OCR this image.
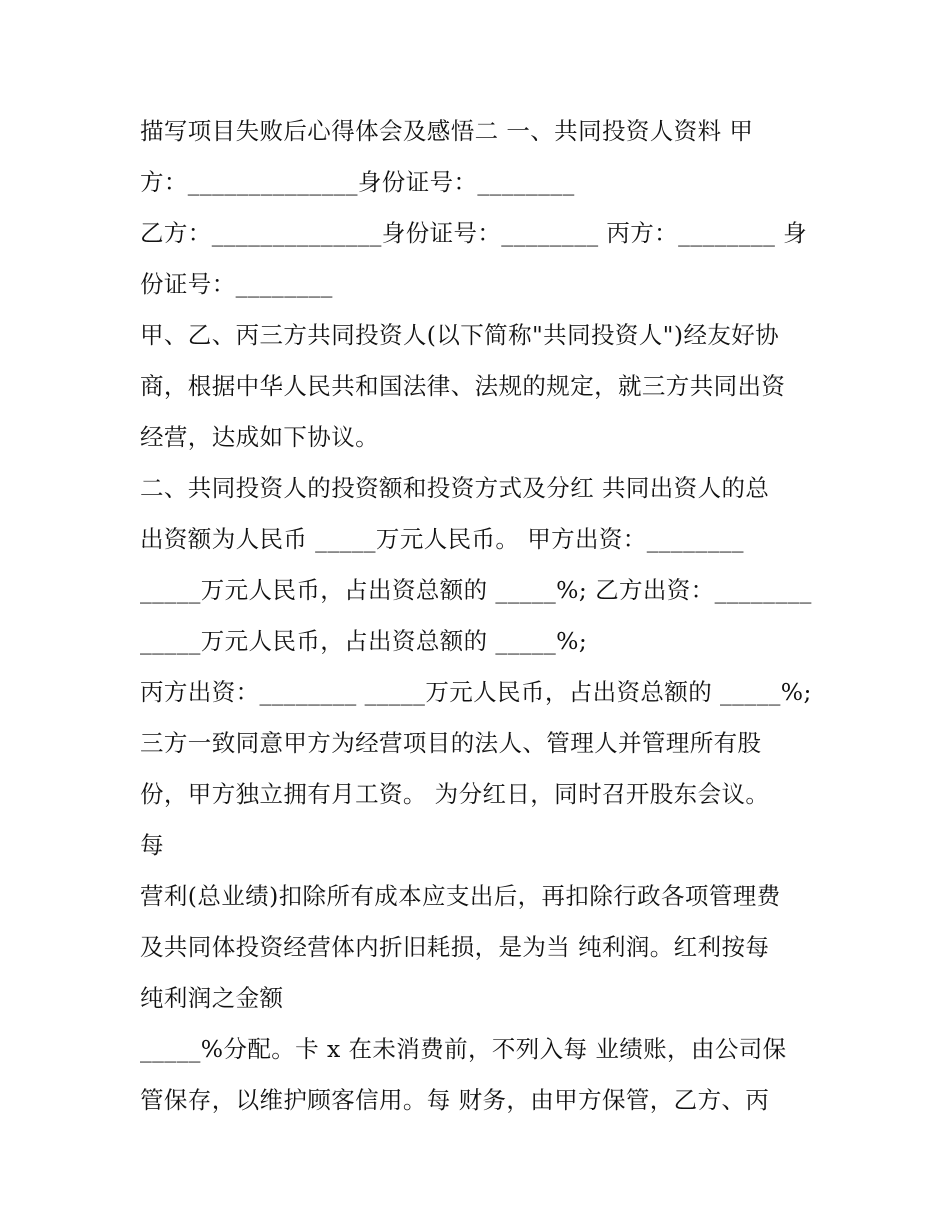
描写项目失败后心得体会及感悟二 一、共同投资人资料 甲
方：______________身份证号：________
乙方：______________身份证号：________ 丙方：________ 身
份证号：________
甲、乙、丙三方共同投资人(以下简称"共同投资人")经友好协
商，根据中华人民共和国法律、法规的规定，就三方共同出资
经营，达成如下协议。
二、共同投资人的投资额和投资方式及分红 共同出资人的总
出资额为人民币 _____万元人民币。 甲方出资：________
_____万元人民币，占出资总额的 _____%; 乙方出资：________
_____万元人民币，占出资总额的 _____%;
丙方出资：________ _____万元人民币，占出资总额的 _____%;
三方一致同意甲方为经营项目的法人、管理人并管理所有股
份，甲方独立拥有月工资。 为分红日，同时召开股东会议。
每
营利(总业绩)扣除所有成本应支出后，再扣除行政各项管理费
及共同体投资经营体内折旧耗损，是为当 纯利润。红利按每
纯利润之金额
_____%分配。卡 x 在未消费前，不列入每 业绩账，由公司保
管保存，以维护顾客信用。每 财务，由甲方保管，乙方、丙
